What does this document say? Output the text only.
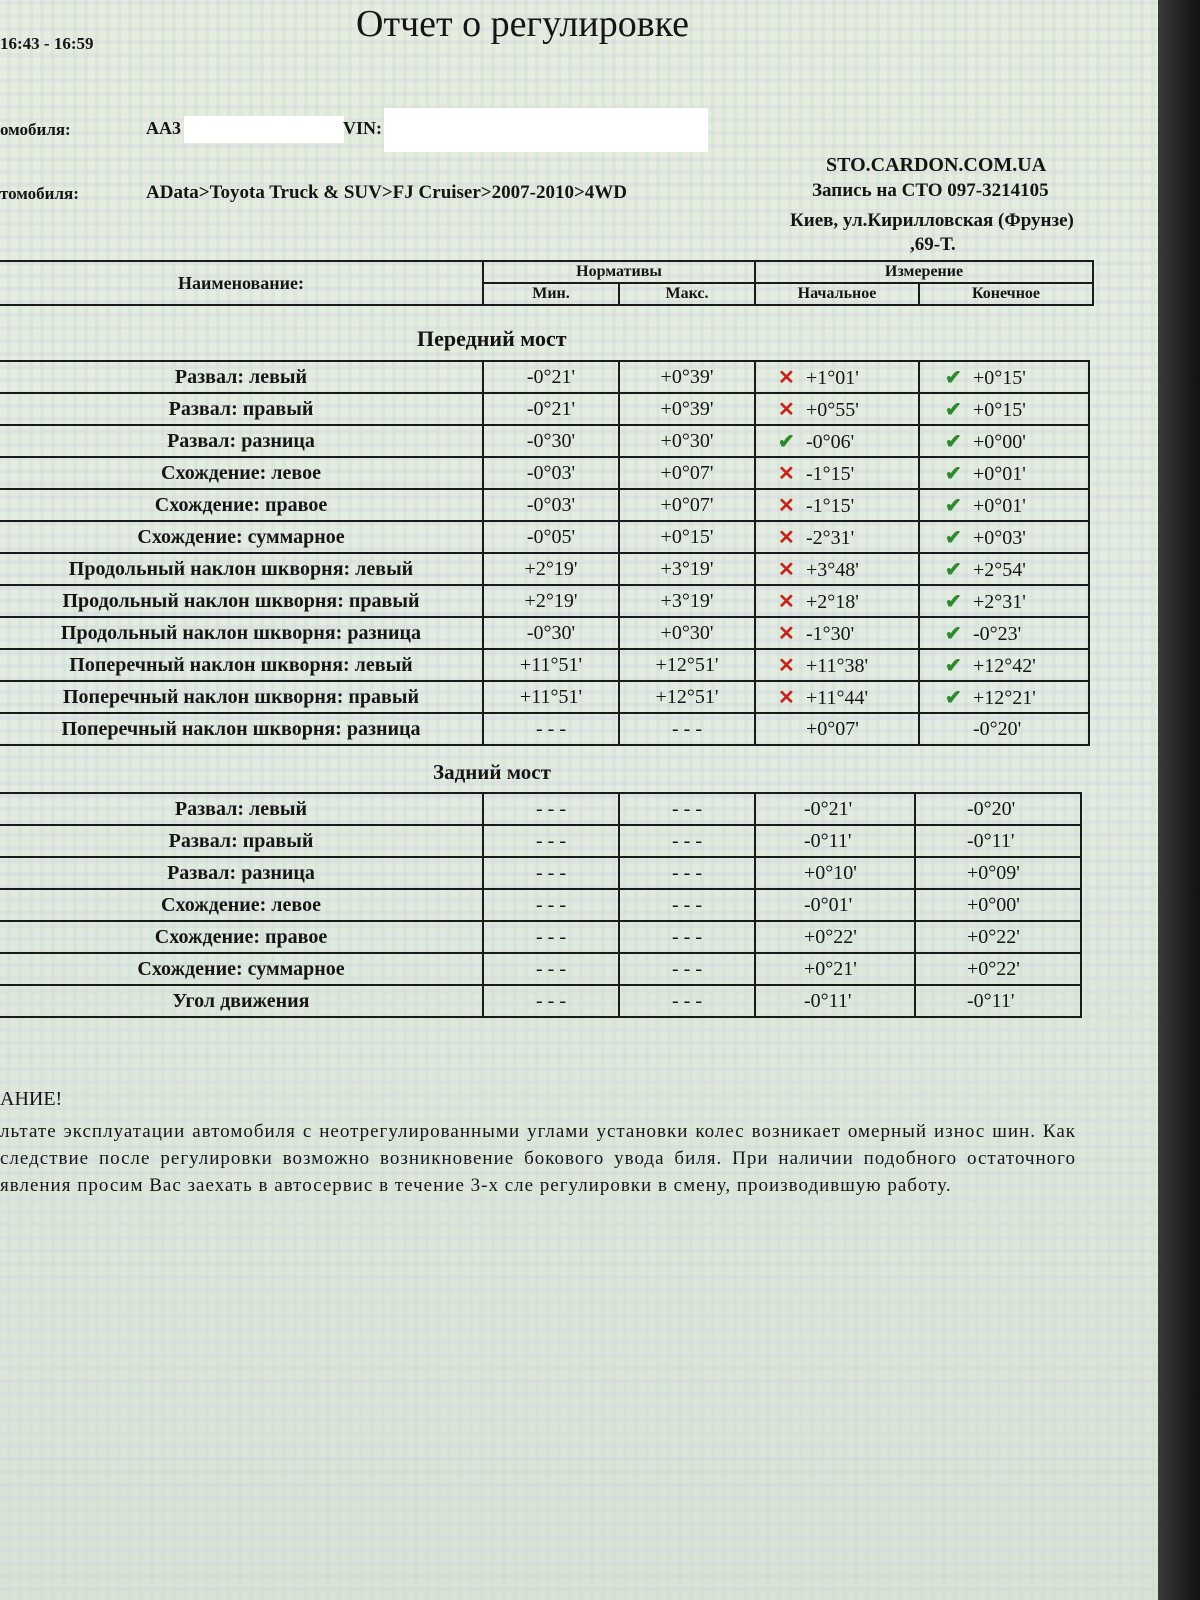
Отчет о регулировке
16:43 - 16:59
омобиля:	АА3	VIN:
томобиля:	AData>Toyota Truck & SUV>FJ Cruiser>2007-2010>4WD
STO.CARDON.COM.UA
Запись на СТО 097-3214105
Киев, ул.Кирилловская (Фрунзе)
,69-Т.
Наименование:	Нормативы		Измерение	
	Мин.	Макс.	Начальное	Конечное
Передний мост
Развал: левый	-0°21'	+0°39'	✕ +1°01'	✔ +0°15'
Развал: правый	-0°21'	+0°39'	✕ +0°55'	✔ +0°15'
Развал: разница	-0°30'	+0°30'	✔ -0°06'	✔ +0°00'
Схождение: левое	-0°03'	+0°07'	✕ -1°15'	✔ +0°01'
Схождение: правое	-0°03'	+0°07'	✕ -1°15'	✔ +0°01'
Схождение: суммарное	-0°05'	+0°15'	✕ -2°31'	✔ +0°03'
Продольный наклон шкворня: левый	+2°19'	+3°19'	✕ +3°48'	✔ +2°54'
Продольный наклон шкворня: правый	+2°19'	+3°19'	✕ +2°18'	✔ +2°31'
Продольный наклон шкворня: разница	-0°30'	+0°30'	✕ -1°30'	✔ -0°23'
Поперечный наклон шкворня: левый	+11°51'	+12°51'	✕ +11°38'	✔ +12°42'
Поперечный наклон шкворня: правый	+11°51'	+12°51'	✕ +11°44'	✔ +12°21'
Поперечный наклон шкворня: разница	- - -	- - -	+0°07'	-0°20'
Задний мост
Развал: левый	- - -	- - -	-0°21'	-0°20'
Развал: правый	- - -	- - -	-0°11'	-0°11'
Развал: разница	- - -	- - -	+0°10'	+0°09'
Схождение: левое	- - -	- - -	-0°01'	+0°00'
Схождение: правое	- - -	- - -	+0°22'	+0°22'
Схождение: суммарное	- - -	- - -	+0°21'	+0°22'
Угол движения	- - -	- - -	-0°11'	-0°11'
АНИЕ!
льтате эксплуатации автомобиля с неотрегулированными углами установки колес возникает омерный износ шин. Как следствие после регулировки возможно возникновение бокового увода биля. При наличии подобного остаточного явления просим Вас заехать в автосервис в течение 3-х сле регулировки в смену, производившую работу.
